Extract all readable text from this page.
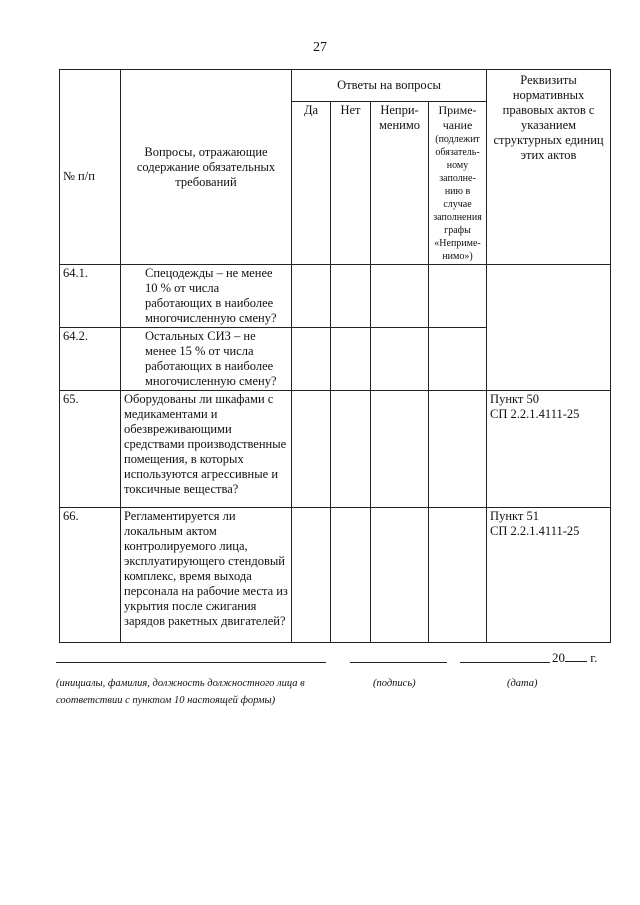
27
№ п/п	Вопросы, отражающие содержание обязательных требований	Ответы на вопросы				Реквизиты нормативных правовых актов с указанием структурных единиц этих актов
		Да	Нет	Непри-менимо	Приме-чание
(подлежит обязатель-ному заполне-нию в случае заполнения графы «Неприме-нимо»)	

64.1.	Спецодежды – не менее 10 % от числа работающих в наиболее многочисленную смену?					
64.2.	Остальных СИЗ – не менее 15 % от числа работающих в наиболее многочисленную смену?					
65.	Оборудованы ли шкафами с медикаментами и обезвреживающими средствами производственные помещения, в которых используются агрессивные и токсичные вещества?					Пункт 50
СП 2.2.1.4111-25

66.	Регламентируется ли локальным актом контролируемого лица, эксплуатирующего стендовый комплекс, время выхода персонала на рабочие места из укрытия после сжигания зарядов ракетных двигателей?					Пункт 51
СП 2.2.1.4111-25
20 г.
(инициалы, фамилия, должность должностного лица в соответствии с пунктом 10 настоящей формы)
(подпись)	(дата)
